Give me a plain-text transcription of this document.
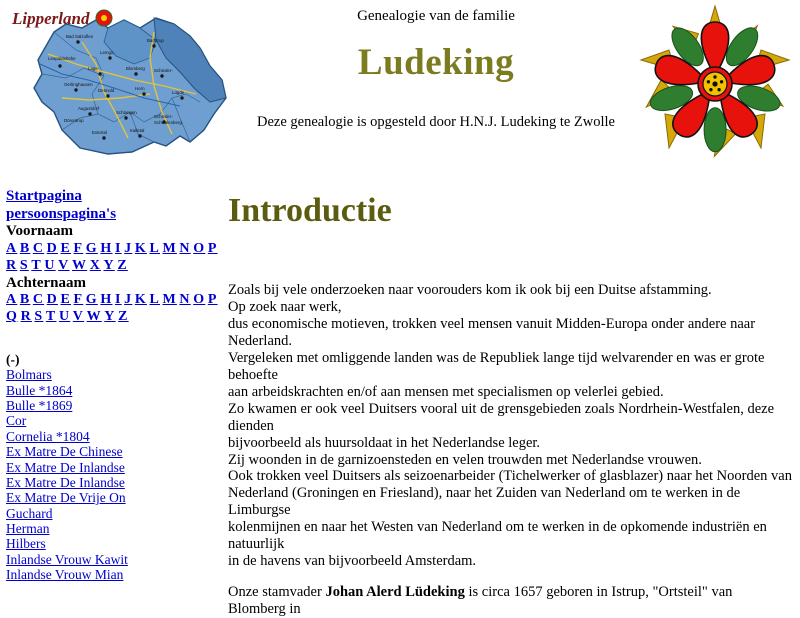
Bad Salzuflen
Lemgo
Barntrup
Lage	Blomberg Schieder-
Oerlinghausen
Detmold	Horn
Lügde
Augustdorf
Schlangen
Schieder-
Schwalenberg
Extertal	Kalletal
Leopoldshöhe
Dörentrup
Lipperland	Genealogie van de familie
Ludeking
Deze genealogie is opgesteld door H.N.J. Ludeking te Zwolle
Startpagina
persoonspagina's
Voornaam
A B C D E F G H I J K L M N O P
R S T U V W X Y Z
Achternaam
A B C D E F G H I J K L M N O P
Q R S T U V W Y Z
(-)
Bolmars
Bulle *1864
Bulle *1869
Cor
Cornelia *1804
Ex Matre De Chinese
Ex Matre De Inlandse
Ex Matre De Inlandse
Ex Matre De Vrije On
Guchard
Herman
Hilbers
Inlandse Vrouw Kawit
Inlandse Vrouw Mian
Introductie

Zoals bij vele onderzoeken naar voorouders kom ik ook bij een Duitse afstamming.

Op zoek naar werk,

dus economische motieven, trokken veel mensen vanuit Midden-Europa onder andere naar Nederland.

Vergeleken met omliggende landen was de Republiek lange tijd welvarender en was er grote behoefte

aan arbeidskrachten en/of aan mensen met specialismen op velerlei gebied.

Zo kwamen er ook veel Duitsers vooral uit de grensgebieden zoals Nordrhein-Westfalen, deze dienden

bijvoorbeeld als huursoldaat in het Nederlandse leger.

Zij woonden in de garnizoensteden en velen trouwden met Nederlandse vrouwen.

Ook trokken veel Duitsers als seizoenarbeider (Tichelwerker of glasblazer) naar het Noorden van

Nederland (Groningen en Friesland), naar het Zuiden van Nederland om te werken in de Limburgse

kolenmijnen en naar het Westen van Nederland om te werken in de opkomende industriën en natuurlijk

in de havens van bijvoorbeeld Amsterdam.

Onze stamvader Johan Alerd Lüdeking is circa 1657 geboren in Istrup, "Ortsteil" van

Blomberg in
